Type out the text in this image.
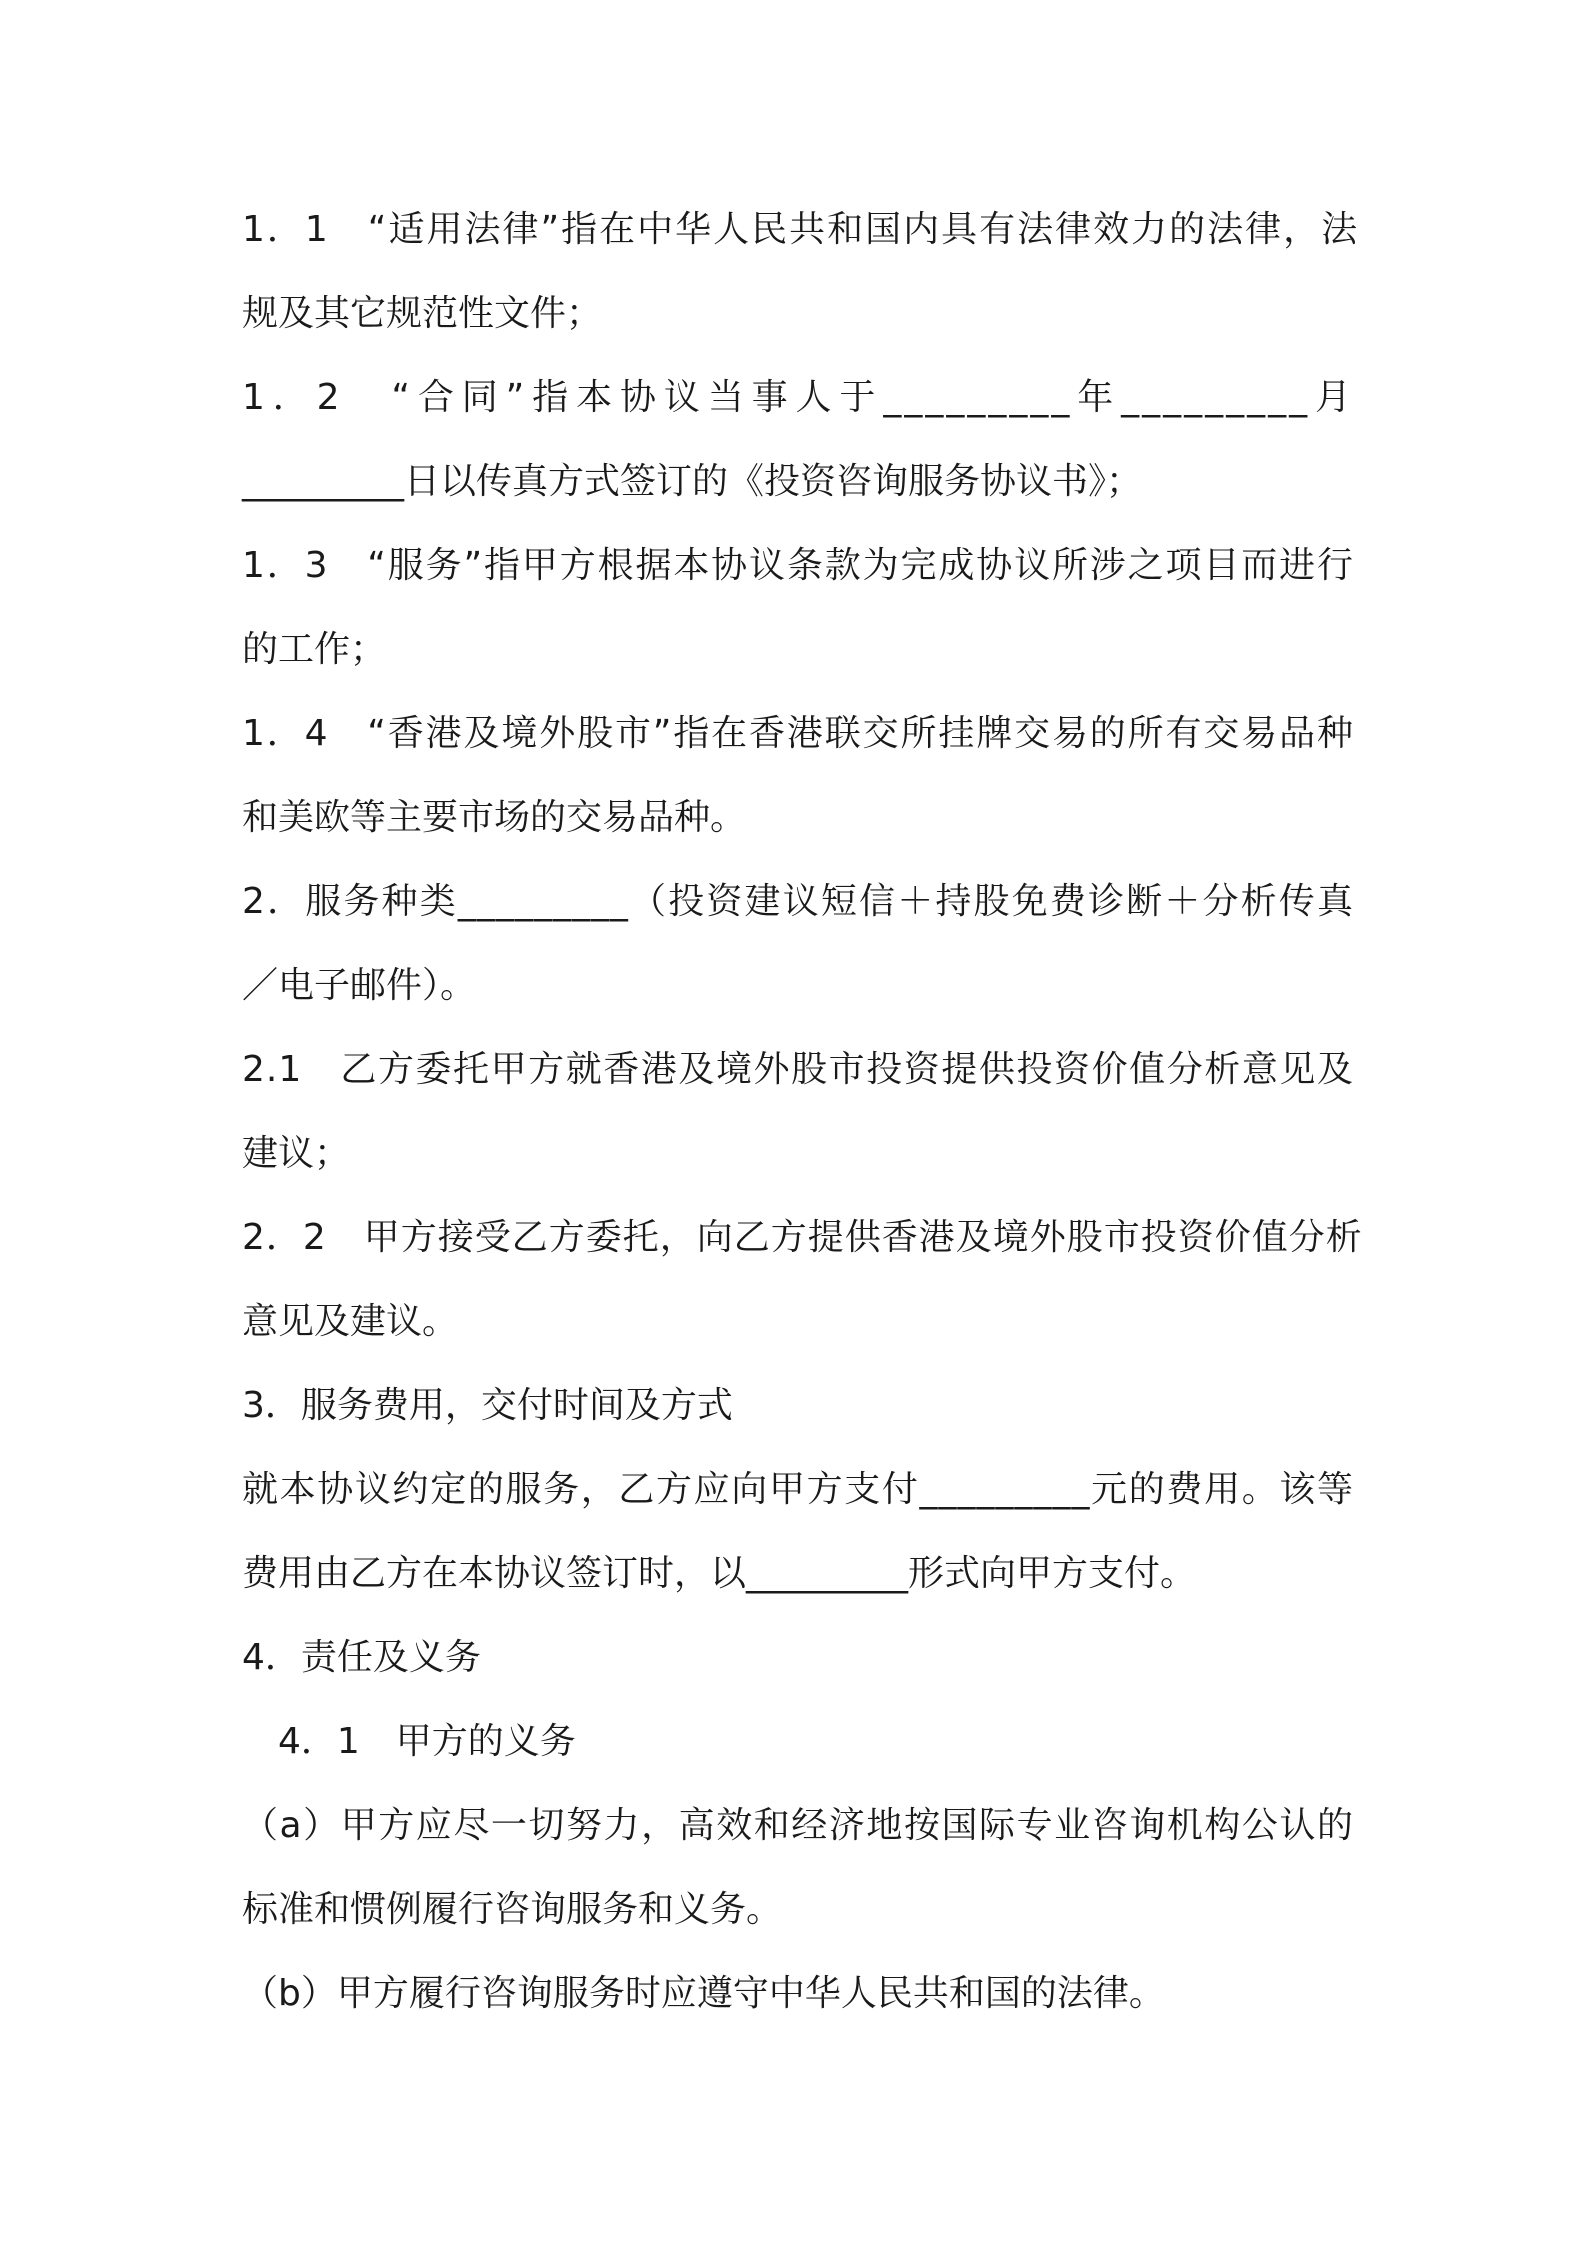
1．1　“适用法律”指在中华人民共和国内具有法律效力的法律，法
规及其它规范性文件；
1．2　“合同”指本协议当事人于_________年_________月
_________日以传真方式签订的《投资咨询服务协议书》；
1．3　“服务”指甲方根据本协议条款为完成协议所涉之项目而进行
的工作；
1．4　“香港及境外股市”指在香港联交所挂牌交易的所有交易品种
和美欧等主要市场的交易品种。
2．服务种类_________（投资建议短信＋持股免费诊断＋分析传真
／电子邮件）。
2.1　乙方委托甲方就香港及境外股市投资提供投资价值分析意见及
建议；
2．2　甲方接受乙方委托，向乙方提供香港及境外股市投资价值分析
意见及建议。
3．服务费用，交付时间及方式
就本协议约定的服务，乙方应向甲方支付_________元的费用。该等
费用由乙方在本协议签订时，以_________形式向甲方支付。
4．责任及义务
4．1　甲方的义务
（a）甲方应尽一切努力，高效和经济地按国际专业咨询机构公认的
标准和惯例履行咨询服务和义务。
（b）甲方履行咨询服务时应遵守中华人民共和国的法律。
